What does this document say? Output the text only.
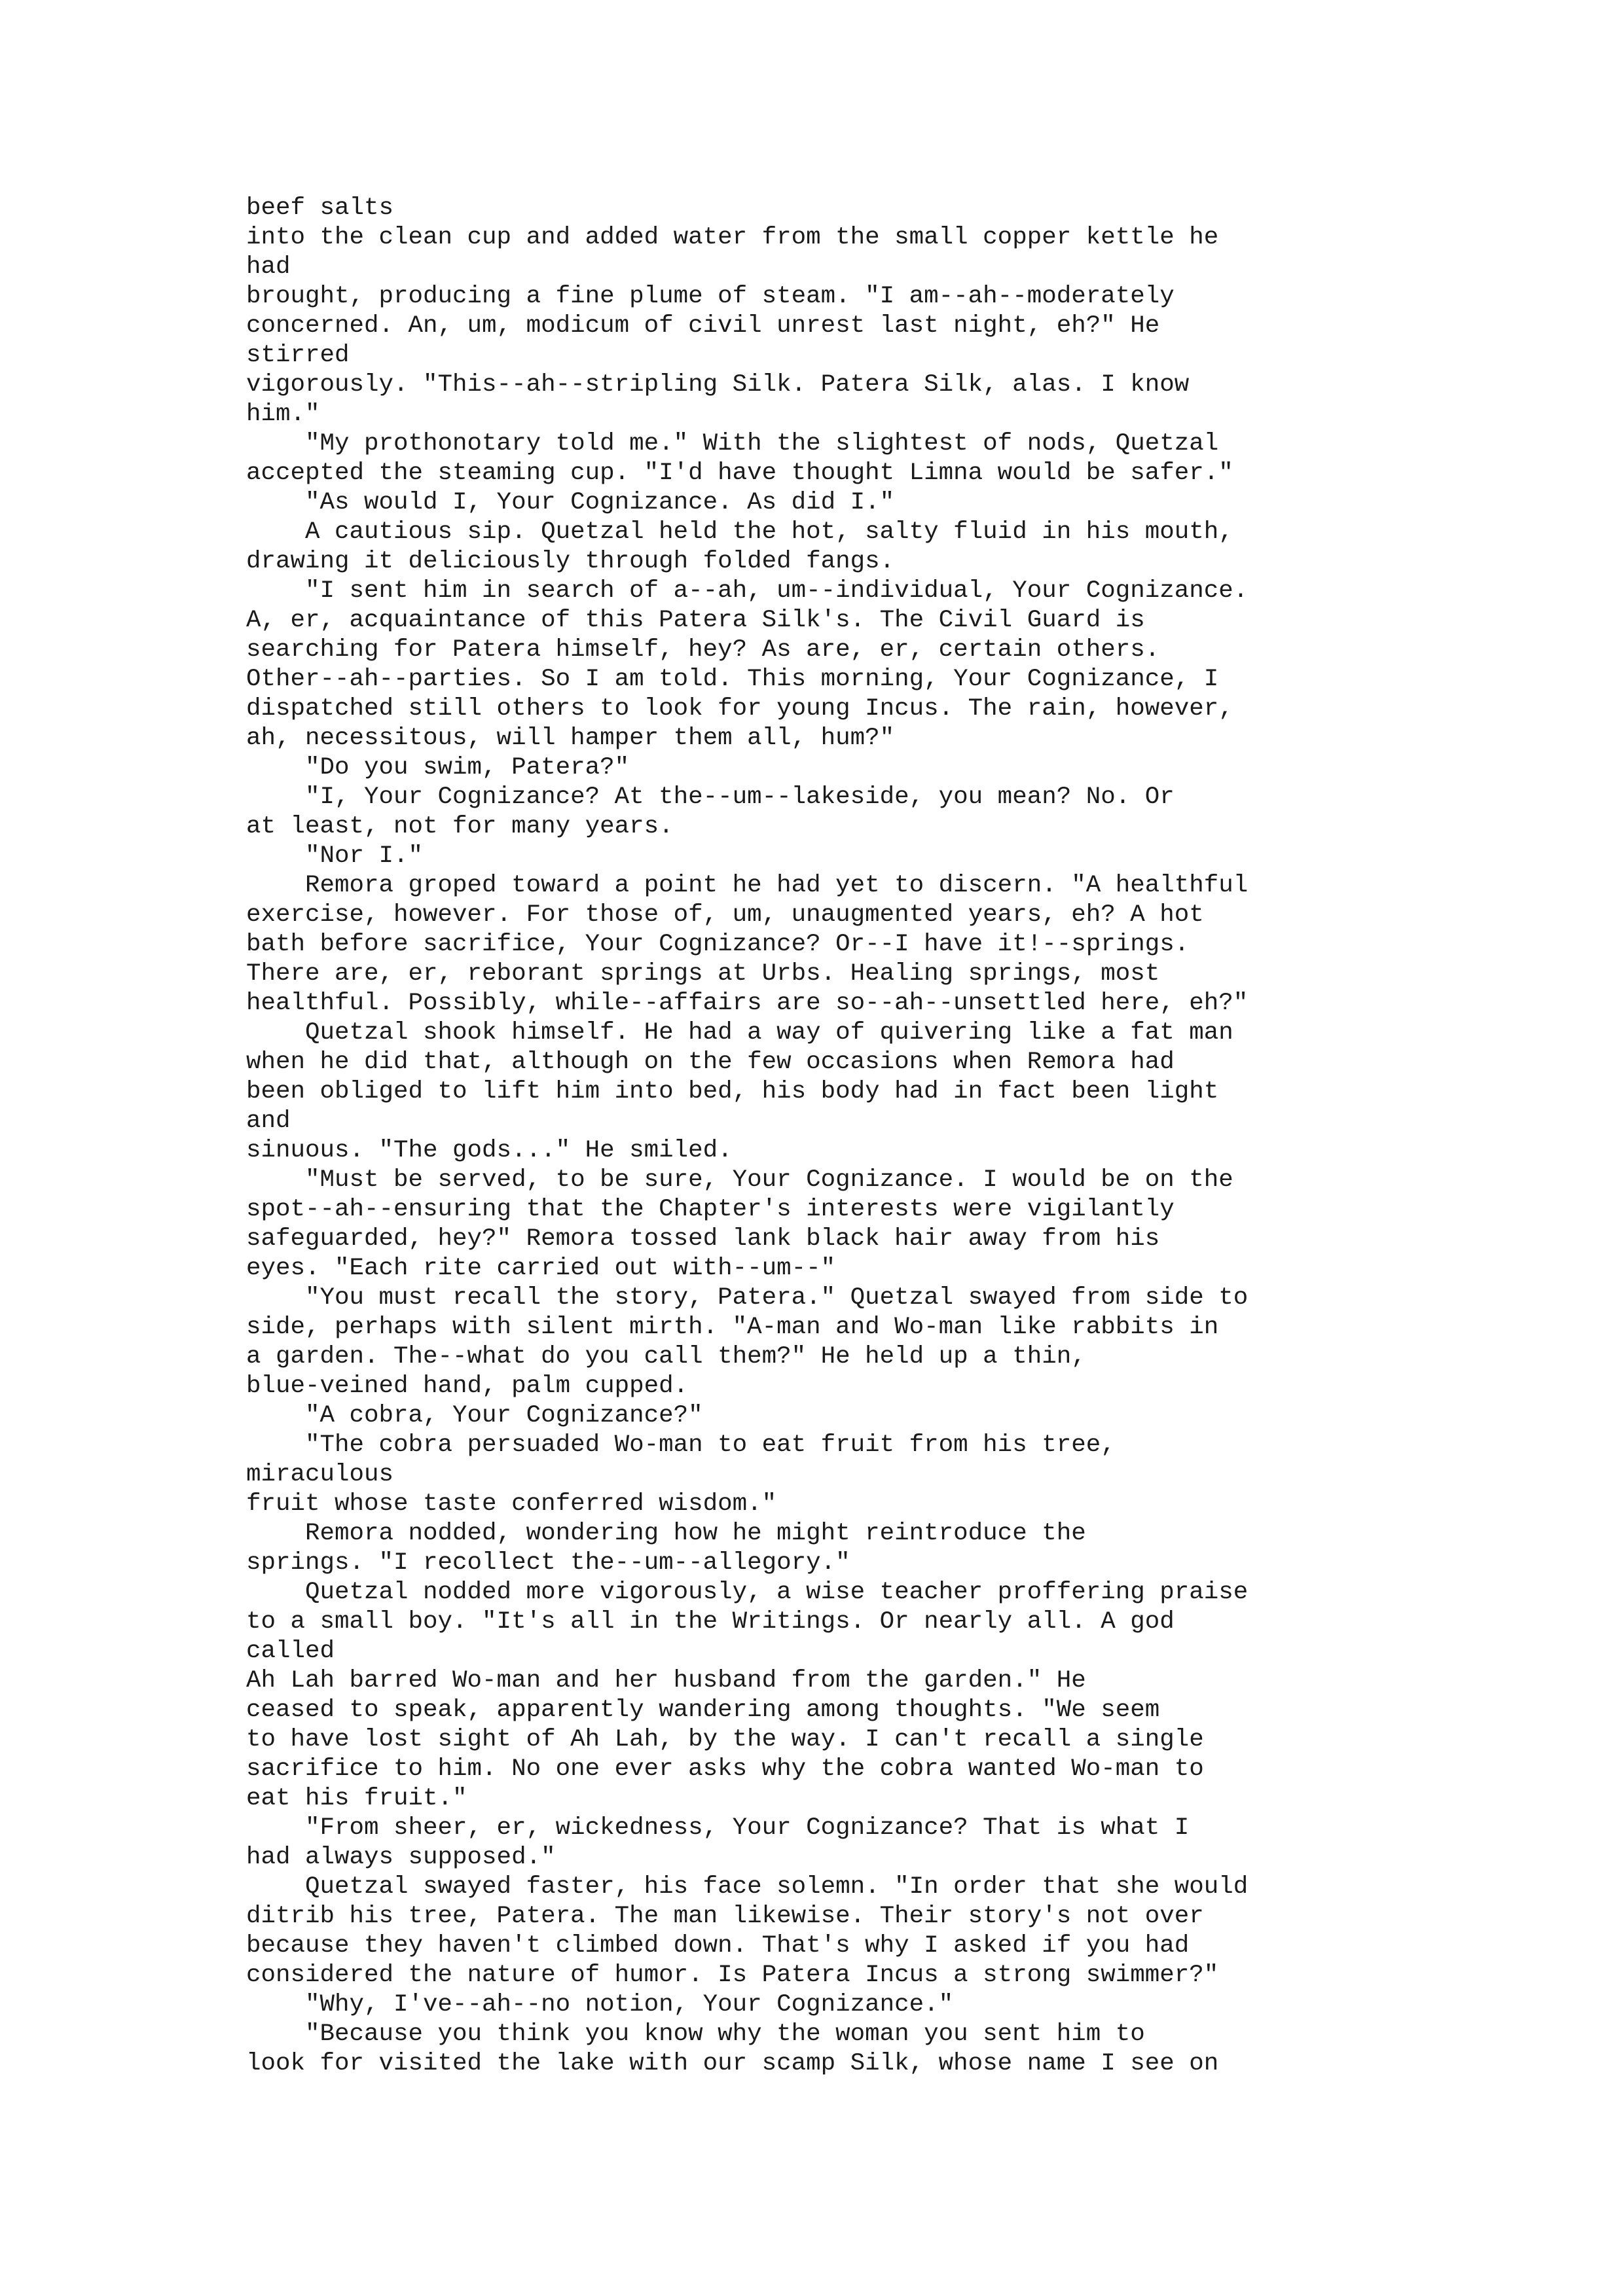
beef salts
into the clean cup and added water from the small copper kettle he
had
brought, producing a fine plume of steam. "I am--ah--moderately
concerned. An, um, modicum of civil unrest last night, eh?" He
stirred
vigorously. "This--ah--stripling Silk. Patera Silk, alas. I know
him."
"My prothonotary told me." With the slightest of nods, Quetzal
accepted the steaming cup. "I'd have thought Limna would be safer."
"As would I, Your Cognizance. As did I."
A cautious sip. Quetzal held the hot, salty fluid in his mouth,
drawing it deliciously through folded fangs.
"I sent him in search of a--ah, um--individual, Your Cognizance.
A, er, acquaintance of this Patera Silk's. The Civil Guard is
searching for Patera himself, hey? As are, er, certain others.
Other--ah--parties. So I am told. This morning, Your Cognizance, I
dispatched still others to look for young Incus. The rain, however,
ah, necessitous, will hamper them all, hum?"
"Do you swim, Patera?"
"I, Your Cognizance? At the--um--lakeside, you mean? No. Or
at least, not for many years.
"Nor I."
Remora groped toward a point he had yet to discern. "A healthful
exercise, however. For those of, um, unaugmented years, eh? A hot
bath before sacrifice, Your Cognizance? Or--I have it!--springs.
There are, er, reborant springs at Urbs. Healing springs, most
healthful. Possibly, while--affairs are so--ah--unsettled here, eh?"
Quetzal shook himself. He had a way of quivering like a fat man
when he did that, although on the few occasions when Remora had
been obliged to lift him into bed, his body had in fact been light
and
sinuous. "The gods..." He smiled.
"Must be served, to be sure, Your Cognizance. I would be on the
spot--ah--ensuring that the Chapter's interests were vigilantly
safeguarded, hey?" Remora tossed lank black hair away from his
eyes. "Each rite carried out with--um--"
"You must recall the story, Patera." Quetzal swayed from side to
side, perhaps with silent mirth. "A-man and Wo-man like rabbits in
a garden. The--what do you call them?" He held up a thin,
blue-veined hand, palm cupped.
"A cobra, Your Cognizance?"
"The cobra persuaded Wo-man to eat fruit from his tree,
miraculous
fruit whose taste conferred wisdom."
Remora nodded, wondering how he might reintroduce the
springs. "I recollect the--um--allegory."
Quetzal nodded more vigorously, a wise teacher proffering praise
to a small boy. "It's all in the Writings. Or nearly all. A god
called
Ah Lah barred Wo-man and her husband from the garden." He
ceased to speak, apparently wandering among thoughts. "We seem
to have lost sight of Ah Lah, by the way. I can't recall a single
sacrifice to him. No one ever asks why the cobra wanted Wo-man to
eat his fruit."
"From sheer, er, wickedness, Your Cognizance? That is what I
had always supposed."
Quetzal swayed faster, his face solemn. "In order that she would
ditrib his tree, Patera. The man likewise. Their story's not over
because they haven't climbed down. That's why I asked if you had
considered the nature of humor. Is Patera Incus a strong swimmer?"
"Why, I've--ah--no notion, Your Cognizance."
"Because you think you know why the woman you sent him to
look for visited the lake with our scamp Silk, whose name I see on
